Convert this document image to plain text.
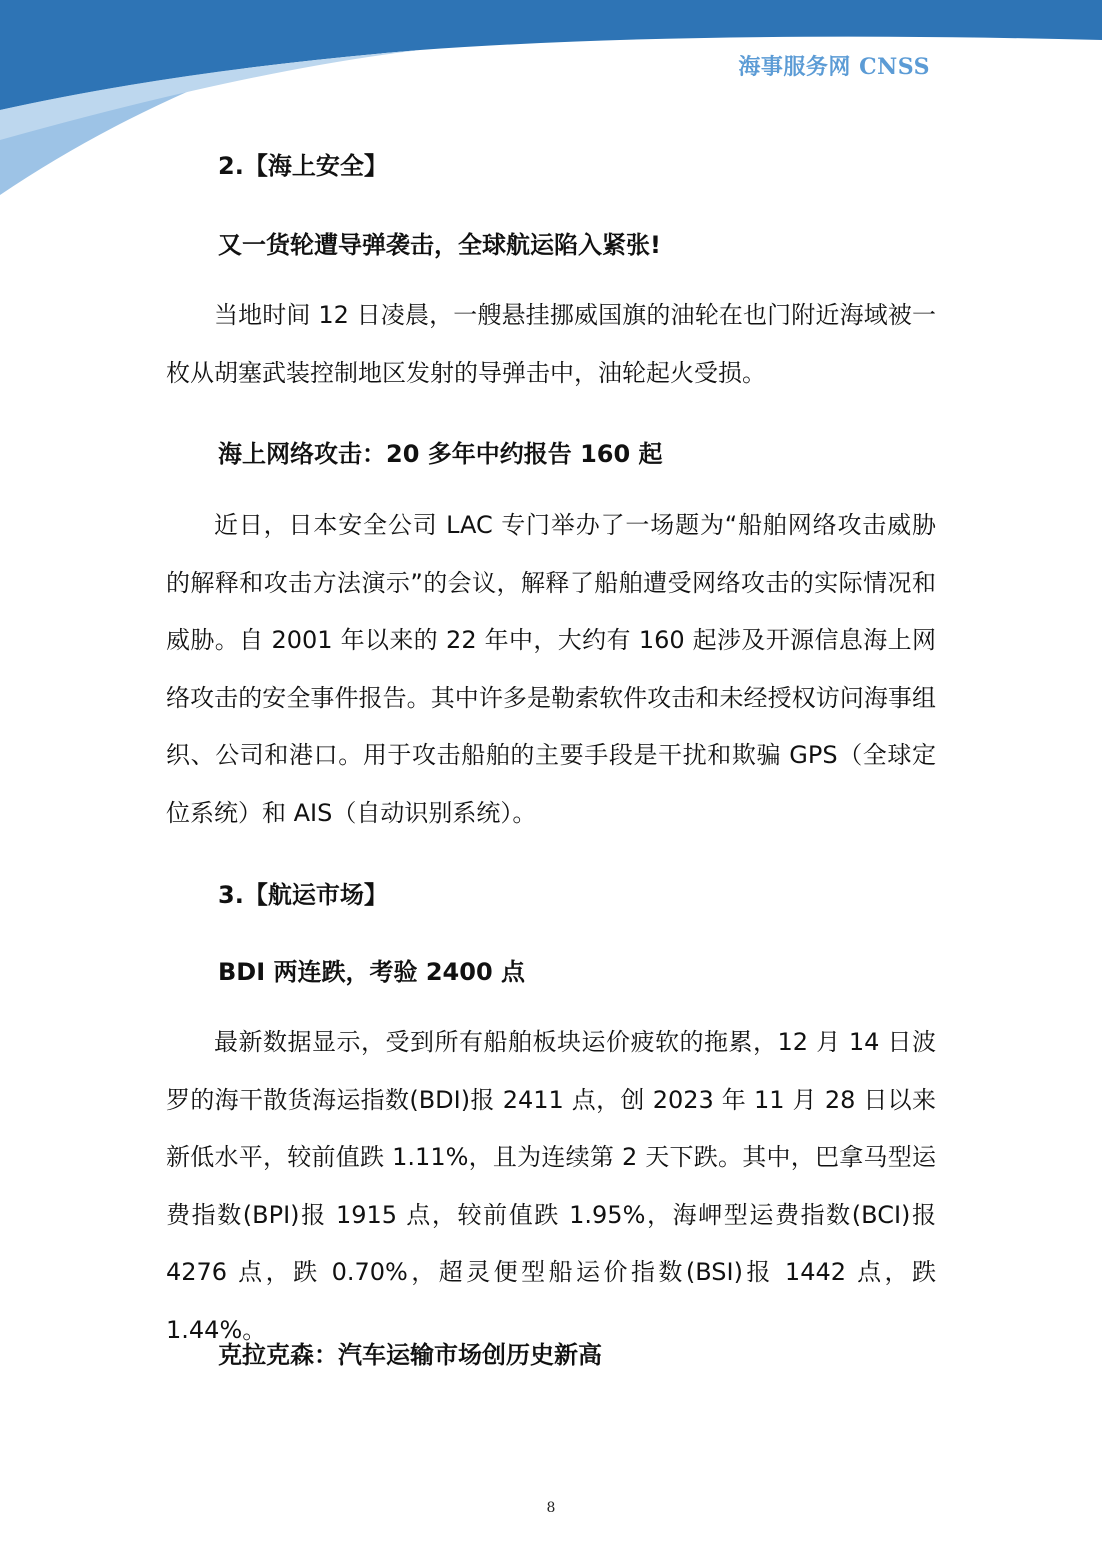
海事服务网 CNSS
2.【海上安全】
又一货轮遭导弹袭击，全球航运陷入紧张!
当地时间 12 日凌晨，一艘悬挂挪威国旗的油轮在也门附近海域被一枚从胡塞武装控制地区发射的导弹击中，油轮起火受损。
海上网络攻击：20 多年中约报告 160 起
近日，日本安全公司 LAC 专门举办了一场题为“船舶网络攻击威胁的解释和攻击方法演示”的会议，解释了船舶遭受网络攻击的实际情况和威胁。自 2001 年以来的 22 年中，大约有 160 起涉及开源信息海上网络攻击的安全事件报告。其中许多是勒索软件攻击和未经授权访问海事组织、公司和港口。用于攻击船舶的主要手段是干扰和欺骗 GPS（全球定位系统）和 AIS（自动识别系统）。
3.【航运市场】
BDI 两连跌，考验 2400 点
最新数据显示，受到所有船舶板块运价疲软的拖累，12 月 14 日波罗的海干散货海运指数(BDI)报 2411 点，创 2023 年 11 月 28 日以来新低水平，较前值跌 1.11%，且为连续第 2 天下跌。其中，巴拿马型运费指数(BPI)报 1915 点，较前值跌 1.95%，海岬型运费指数(BCI)报 4276 点，跌 0.70%，超灵便型船运价指数(BSI)报 1442 点，跌 1.44%。
克拉克森：汽车运输市场创历史新高
8
